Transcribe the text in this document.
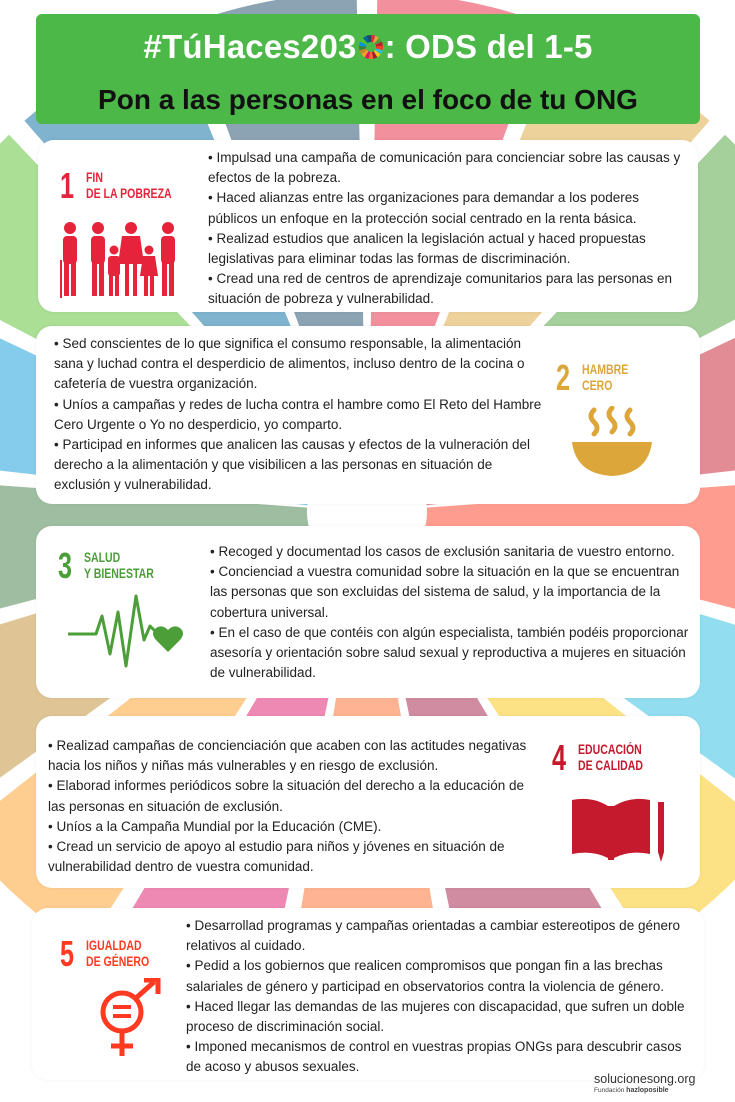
#TúHaces203 : ODS del 1-5
Pon a las personas en el foco de tu ONG
1 FIN
DE LA POBREZA

• Impulsad una campaña de comunicación para concienciar sobre las causas y efectos de la pobreza.

• Haced alianzas entre las organizaciones para demandar a los poderes públicos un enfoque en la protección social centrado en la renta básica.

• Realizad estudios que analicen la legislación actual y haced propuestas legislativas para eliminar todas las formas de discriminación.

• Cread una red de centros de aprendizaje comunitarios para las personas en situación de pobreza y vulnerabilidad.

• Sed conscientes de lo que significa el consumo responsable, la alimentación sana y luchad contra el desperdicio de alimentos, incluso dentro de la cocina o cafetería de vuestra organización.

• Uníos a campañas y redes de lucha contra el hambre como El Reto del Hambre Cero Urgente o Yo no desperdicio, yo comparto.

• Participad en informes que analicen las causas y efectos de la vulneración del derecho a la alimentación y que visibilicen a las personas en situación de exclusión y vulnerabilidad.

2 HAMBRE
CERO
3 SALUD
Y BIENESTAR

• Recoged y documentad los casos de exclusión sanitaria de vuestro entorno.

• Concienciad a vuestra comunidad sobre la situación en la que se encuentran las personas que son excluidas del sistema de salud, y la importancia de la cobertura universal.

• En el caso de que contéis con algún especialista, también podéis proporcionar asesoría y orientación sobre salud sexual y reproductiva a mujeres en situación de vulnerabilidad.

• Realizad campañas de concienciación que acaben con las actitudes negativas hacia los niños y niñas más vulnerables y en riesgo de exclusión.

• Elaborad informes periódicos sobre la situación del derecho a la educación de las personas en situación de exclusión.

• Uníos a la Campaña Mundial por la Educación (CME).

• Cread un servicio de apoyo al estudio para niños y jóvenes en situación de vulnerabilidad dentro de vuestra comunidad.

4 EDUCACIÓN
DE CALIDAD
5 IGUALDAD
DE GÉNERO

• Desarrollad programas y campañas orientadas a cambiar estereotipos de género relativos al cuidado.

• Pedid a los gobiernos que realicen compromisos que pongan fin a las brechas salariales de género y participad en observatorios contra la violencia de género.

• Haced llegar las demandas de las mujeres con discapacidad, que sufren un doble proceso de discriminación social.

• Imponed mecanismos de control en vuestras propias ONGs para descubrir casos de acoso y abusos sexuales.

solucionesong.org
Fundación hazloposible
